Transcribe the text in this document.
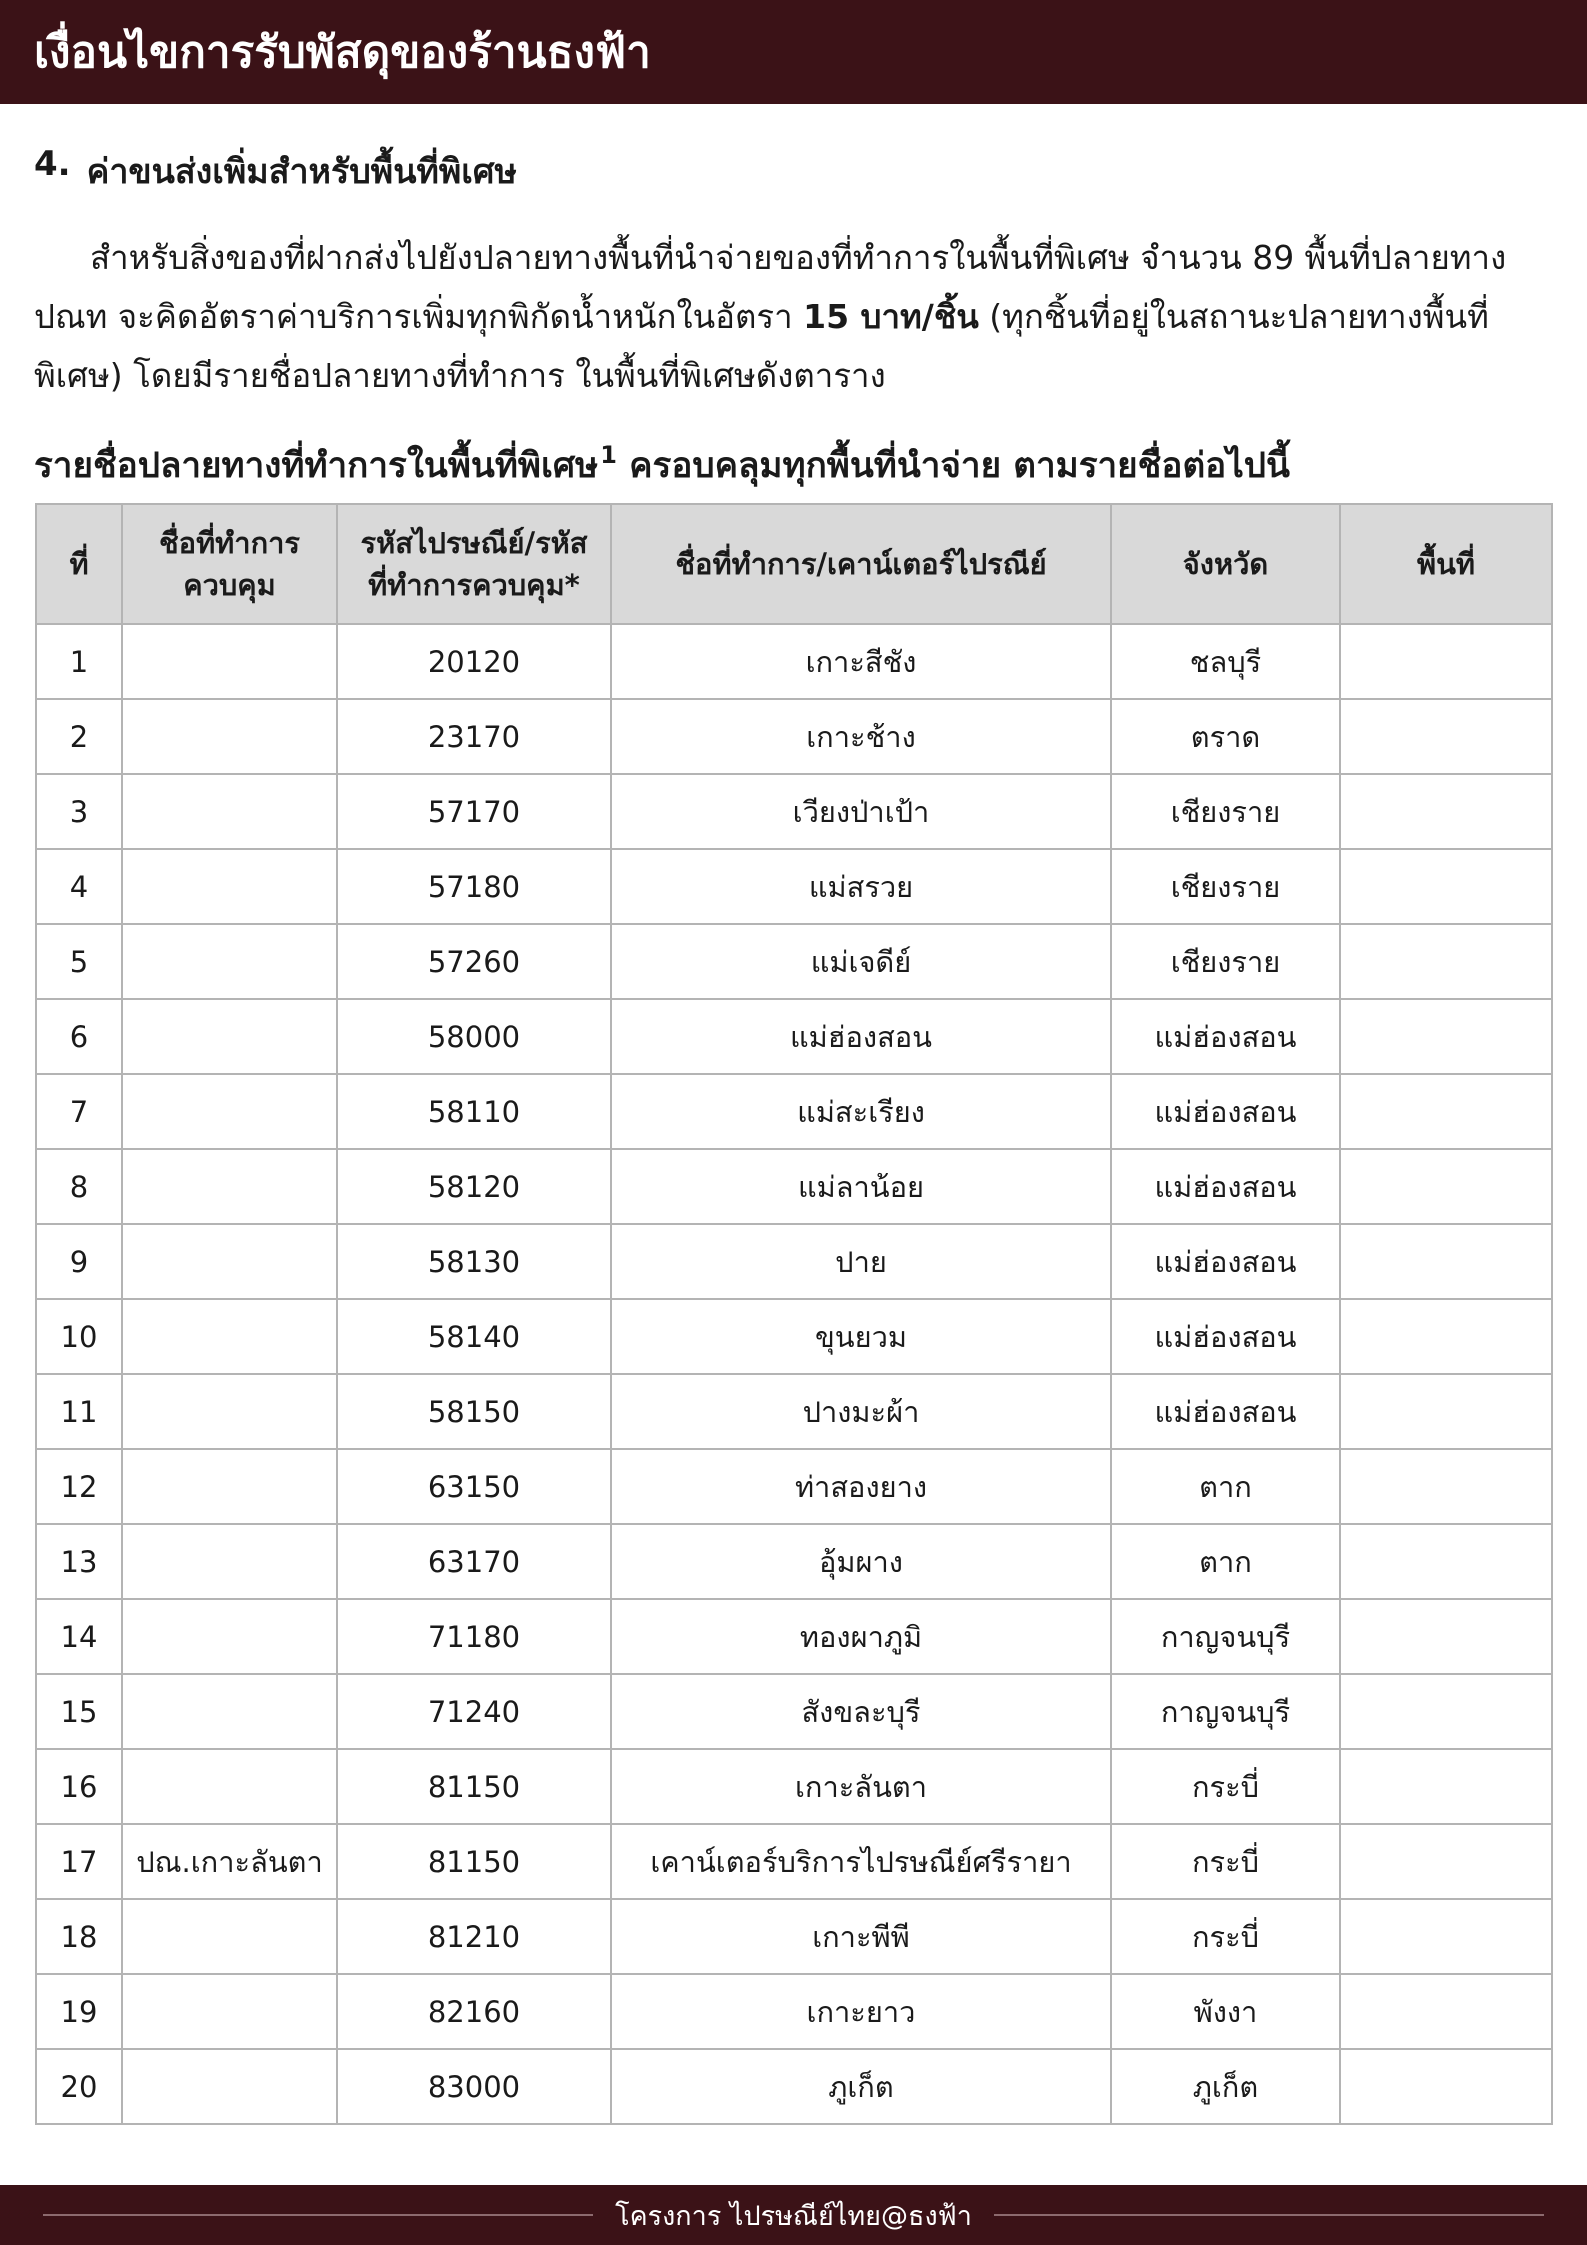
เงื่อนไขการรับพัสดุของร้านธงฟ้า
4. ค่าขนส่งเพิ่มสำหรับพื้นที่พิเศษ
สำหรับสิ่งของที่ฝากส่งไปยังปลายทางพื้นที่นำจ่ายของที่ทำการในพื้นที่พิเศษ จำนวน 89 พื้นที่ปลายทาง ปณท จะคิดอัตราค่าบริการเพิ่มทุกพิกัดน้ำหนักในอัตรา 15 บาท/ชิ้น (ทุกชิ้นที่อยู่ในสถานะปลายทางพื้นที่พิเศษ) โดยมีรายชื่อปลายทางที่ทำการ ในพื้นที่พิเศษดังตาราง
รายชื่อปลายทางที่ทำการในพื้นที่พิเศษ$^1$ ครอบคลุมทุกพื้นที่นำจ่าย ตามรายชื่อต่อไปนี้
ที่	ชื่อที่ทำการควบคุม	รหัสไปรษณีย์/รหัสที่ทำการควบคุม*	ชื่อที่ทำการ/เคาน์เตอร์ไปรณีย์	จังหวัด	พื้นที่
1		20120	เกาะสีชัง	ชลบุรี	
2		23170	เกาะช้าง	ตราด	
3		57170	เวียงป่าเป้า	เชียงราย	
4		57180	แม่สรวย	เชียงราย	
5		57260	แม่เจดีย์	เชียงราย	
6		58000	แม่ฮ่องสอน	แม่ฮ่องสอน	
7		58110	แม่สะเรียง	แม่ฮ่องสอน	
8		58120	แม่ลาน้อย	แม่ฮ่องสอน	
9		58130	ปาย	แม่ฮ่องสอน	
10		58140	ขุนยวม	แม่ฮ่องสอน	
11		58150	ปางมะผ้า	แม่ฮ่องสอน	
12		63150	ท่าสองยาง	ตาก	
13		63170	อุ้มผาง	ตาก	
14		71180	ทองผาภูมิ	กาญจนบุรี	
15		71240	สังขละบุรี	กาญจนบุรี	
16		81150	เกาะลันตา	กระบี่	
17	ปณ.เกาะลันตา	81150	เคาน์เตอร์บริการไปรษณีย์ศรีรายา	กระบี่	
18		81210	เกาะพีพี	กระบี่	
19		82160	เกาะยาว	พังงา	
20		83000	ภูเก็ต	ภูเก็ต	
โครงการ ไปรษณีย์ไทย@ธงฟ้า
